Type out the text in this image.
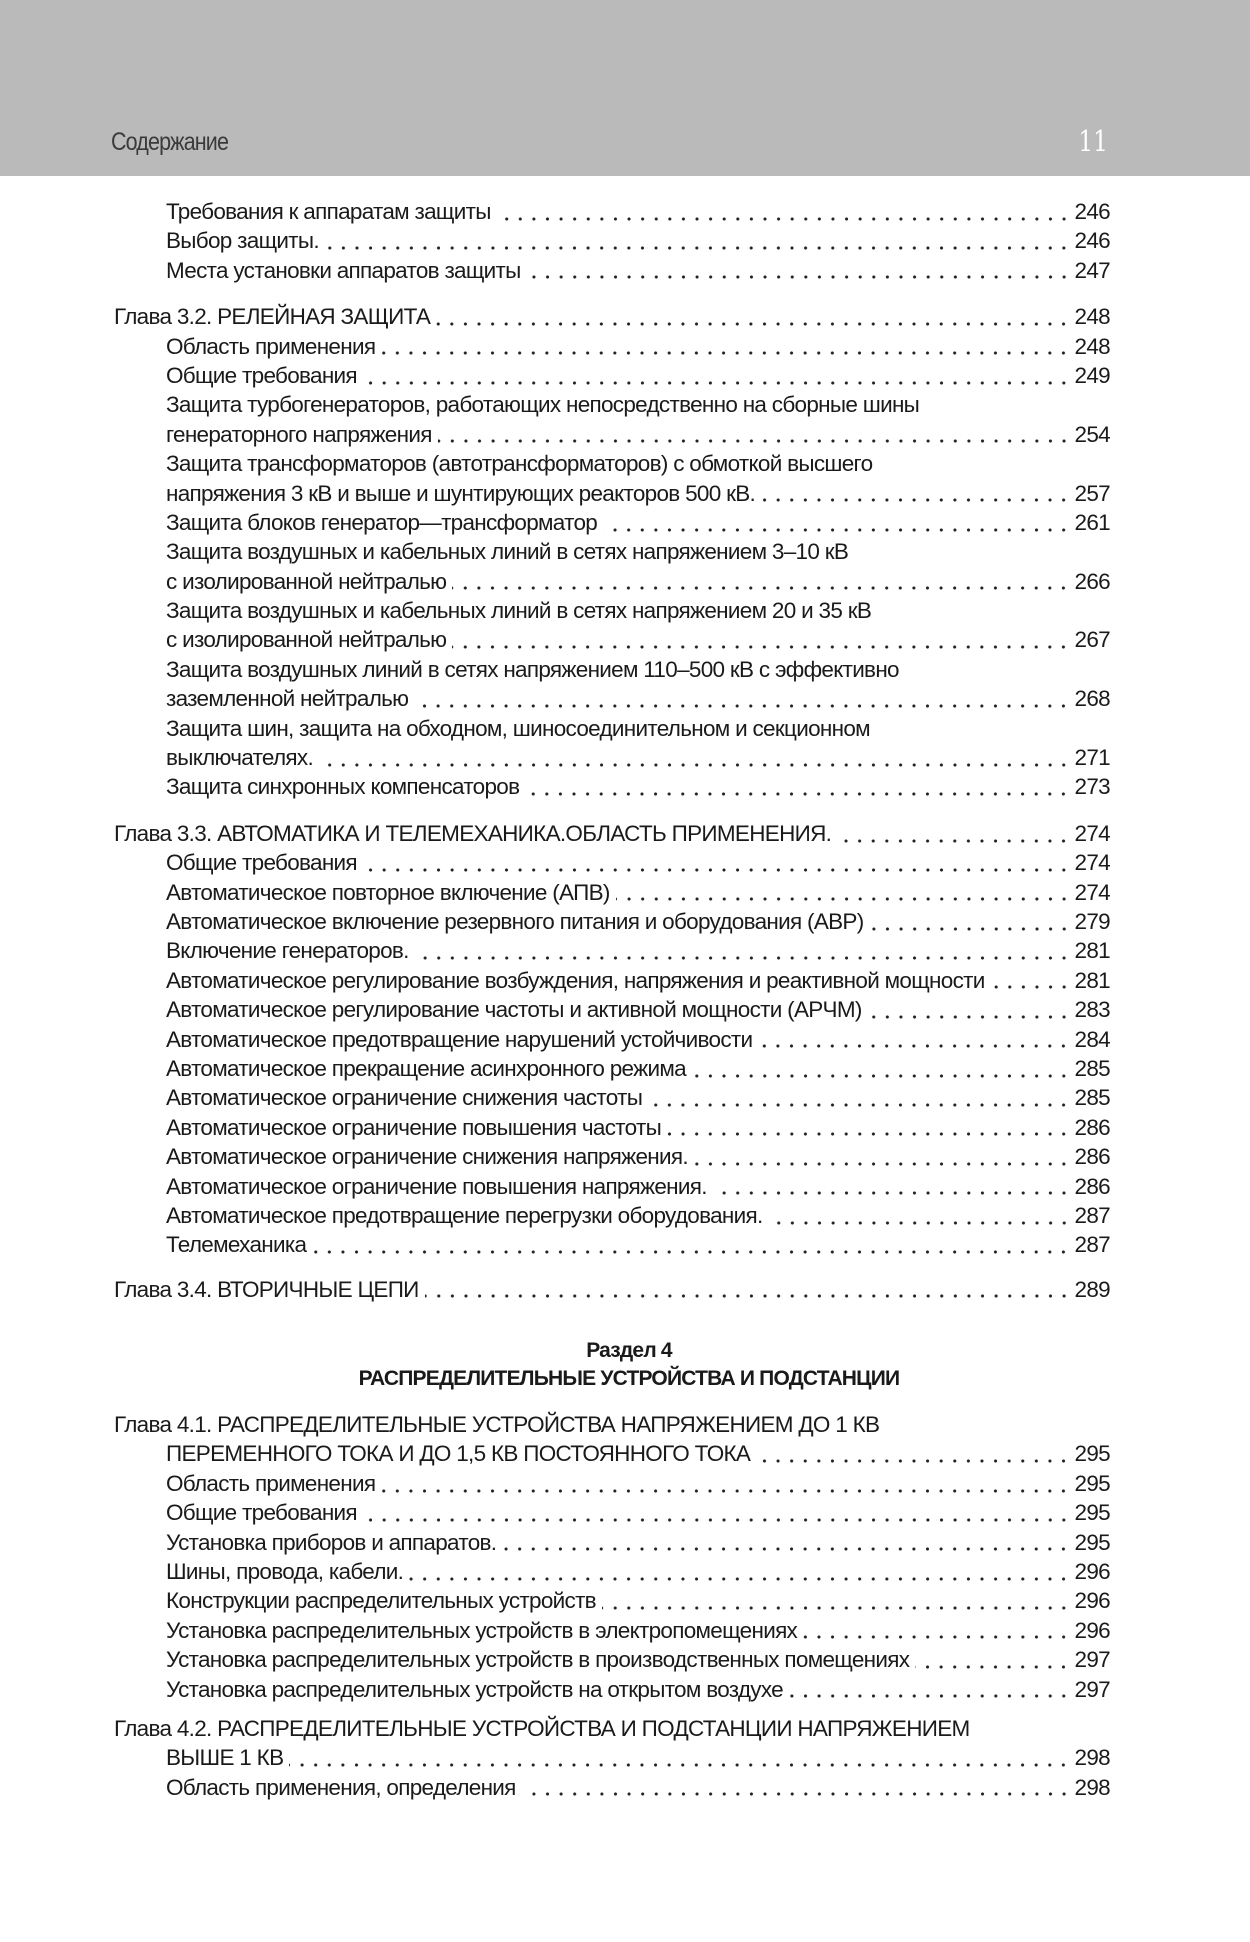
Содержание	11
Требования к аппаратам защиты	246
Выбор защиты.	246
Места установки аппаратов защиты	247
Глава 3.2. РЕЛЕЙНАЯ ЗАЩИТА	248
Область применения	248
Общие требования	249
Защита турбогенераторов, работающих непосредственно на сборные шины
генераторного напряжения	254
Защита трансформаторов (автотрансформаторов) с обмоткой высшего
напряжения 3 кВ и выше и шунтирующих реакторов 500 кВ.	257
Защита блоков генератор—трансформатор	261
Защита воздушных и кабельных линий в сетях напряжением 3–10 кВ
с изолированной нейтралью	266
Защита воздушных и кабельных линий в сетях напряжением 20 и 35 кВ
с изолированной нейтралью	267
Защита воздушных линий в сетях напряжением 110–500 кВ с эффективно
заземленной нейтралью	268
Защита шин, защита на обходном, шиносоединительном и секционном
выключателях.	271
Защита синхронных компенсаторов	273
Глава 3.3. АВТОМАТИКА И ТЕЛЕМЕХАНИКА.ОБЛАСТЬ ПРИМЕНЕНИЯ.	274
Общие требования	274
Автоматическое повторное включение (АПВ)	274
Автоматическое включение резервного питания и оборудования (АВР)	279
Включение генераторов.	281
Автоматическое регулирование возбуждения, напряжения и реактивной мощности	281
Автоматическое регулирование частоты и активной мощности (АРЧМ)	283
Автоматическое предотвращение нарушений устойчивости	284
Автоматическое прекращение асинхронного режима	285
Автоматическое ограничение снижения частоты	285
Автоматическое ограничение повышения частоты	286
Автоматическое ограничение снижения напряжения.	286
Автоматическое ограничение повышения напряжения.	286
Автоматическое предотвращение перегрузки оборудования.	287
Телемеханика	287
Глава 3.4. ВТОРИЧНЫЕ ЦЕПИ	289
Раздел 4
РАСПРЕДЕЛИТЕЛЬНЫЕ УСТРОЙСТВА И ПОДСТАНЦИИ
Глава 4.1. РАСПРЕДЕЛИТЕЛЬНЫЕ УСТРОЙСТВА НАПРЯЖЕНИЕМ ДО 1 КВ
ПЕРЕМЕННОГО ТОКА И ДО 1,5 КВ ПОСТОЯННОГО ТОКА	295
Область применения	295
Общие требования	295
Установка приборов и аппаратов.	295
Шины, провода, кабели.	296
Конструкции распределительных устройств	296
Установка распределительных устройств в электропомещениях	296
Установка распределительных устройств в производственных помещениях	297
Установка распределительных устройств на открытом воздухе	297
Глава 4.2. РАСПРЕДЕЛИТЕЛЬНЫЕ УСТРОЙСТВА И ПОДСТАНЦИИ НАПРЯЖЕНИЕМ
ВЫШЕ 1 КВ	298
Область применения, определения	298
